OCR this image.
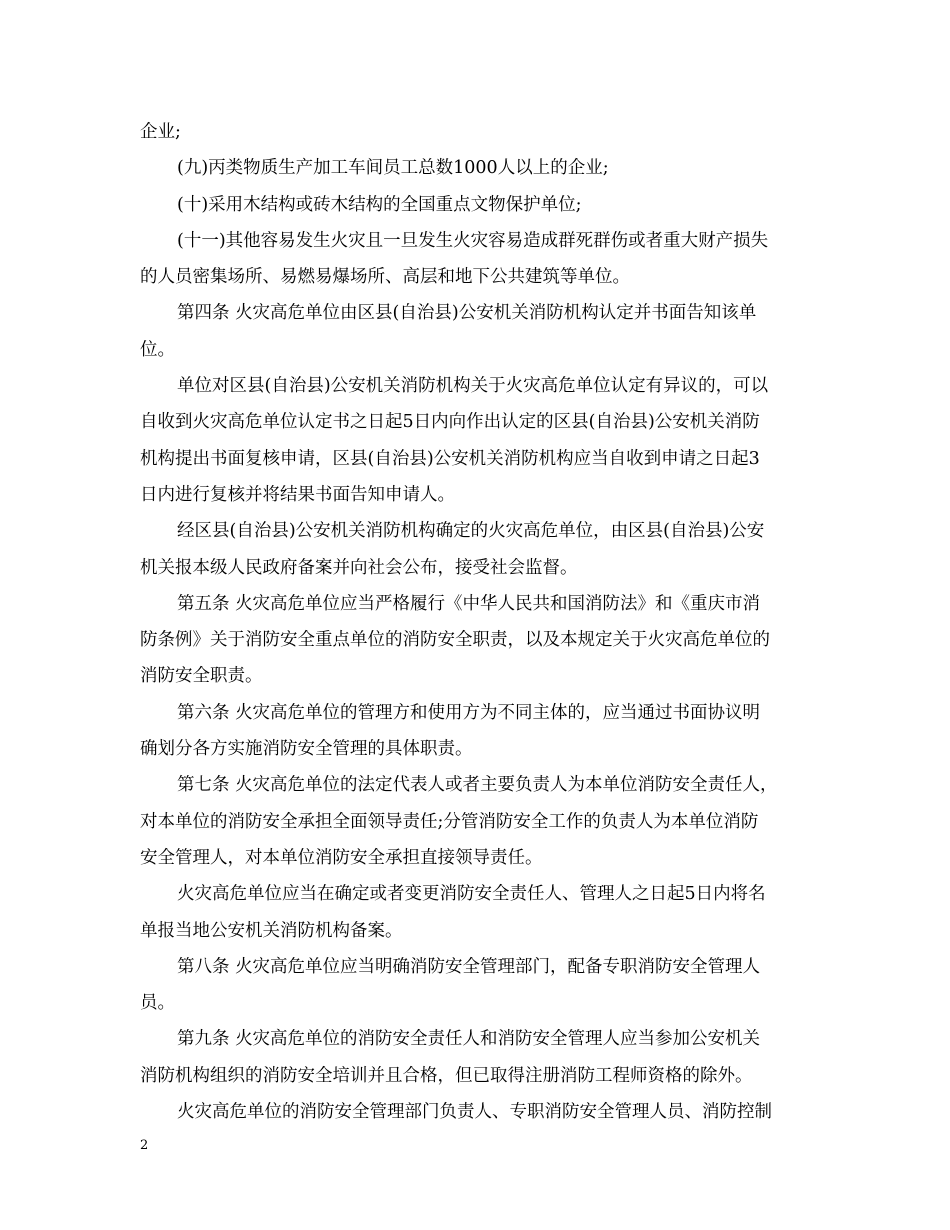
企业;
(九)丙类物质生产加工车间员工总数1000人以上的企业;
(十)采用木结构或砖木结构的全国重点文物保护单位;
(十一)其他容易发生火灾且一旦发生火灾容易造成群死群伤或者重大财产损失
的人员密集场所、易燃易爆场所、高层和地下公共建筑等单位。
第四条 火灾高危单位由区县(自治县)公安机关消防机构认定并书面告知该单
位。
单位对区县(自治县)公安机关消防机构关于火灾高危单位认定有异议的，可以
自收到火灾高危单位认定书之日起5日内向作出认定的区县(自治县)公安机关消防
机构提出书面复核申请，区县(自治县)公安机关消防机构应当自收到申请之日起3
日内进行复核并将结果书面告知申请人。
经区县(自治县)公安机关消防机构确定的火灾高危单位，由区县(自治县)公安
机关报本级人民政府备案并向社会公布，接受社会监督。
第五条 火灾高危单位应当严格履行《中华人民共和国消防法》和《重庆市消
防条例》关于消防安全重点单位的消防安全职责，以及本规定关于火灾高危单位的
消防安全职责。
第六条 火灾高危单位的管理方和使用方为不同主体的，应当通过书面协议明
确划分各方实施消防安全管理的具体职责。
第七条 火灾高危单位的法定代表人或者主要负责人为本单位消防安全责任人，
对本单位的消防安全承担全面领导责任;分管消防安全工作的负责人为本单位消防
安全管理人，对本单位消防安全承担直接领导责任。
火灾高危单位应当在确定或者变更消防安全责任人、管理人之日起5日内将名
单报当地公安机关消防机构备案。
第八条 火灾高危单位应当明确消防安全管理部门，配备专职消防安全管理人
员。
第九条 火灾高危单位的消防安全责任人和消防安全管理人应当参加公安机关
消防机构组织的消防安全培训并且合格，但已取得注册消防工程师资格的除外。
火灾高危单位的消防安全管理部门负责人、专职消防安全管理人员、消防控制
2
